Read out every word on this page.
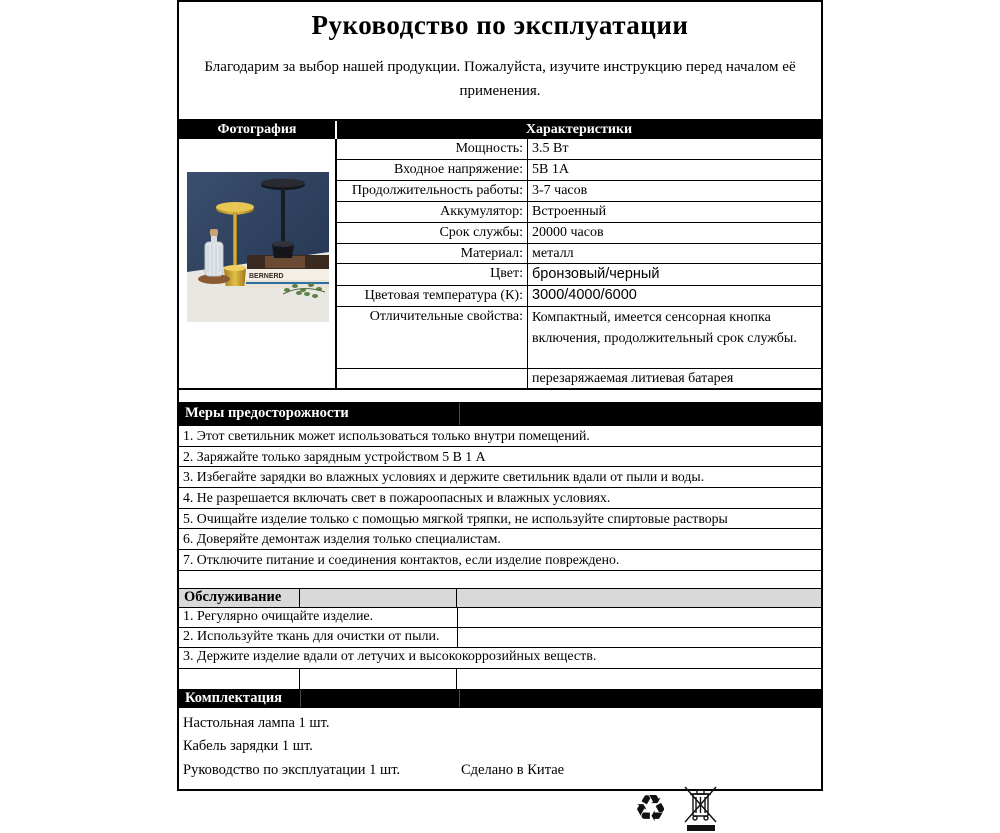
Руководство по эксплуатации
Благодарим за выбор нашей продукции. Пожалуйста, изучите инструкцию перед началом её применения.
Фотография	Характеристики
BERNERD
Мощность: 3.5 Вт
Входное напряжение: 5В 1А
Продолжительность работы: 3-7 часов
Аккумулятор: Встроенный
Срок службы: 20000 часов
Материал: металл
Цвет: бронзовый/черный
Цветовая температура (К): 3000/4000/6000
Отличительные свойства: Компактный, имеется сенсорная кнопка включения, продолжительный срок службы.
перезаряжаемая литиевая батарея
Меры предосторожности
1. Этот светильник может использоваться только внутри помещений.
2. Заряжайте только зарядным устройством 5 В 1 А
3. Избегайте зарядки во влажных условиях и держите светильник вдали от пыли и воды.
4. Не разрешается включать свет в пожароопасных и влажных условиях.
5. Очищайте изделие только с помощью мягкой тряпки, не используйте спиртовые растворы
6. Доверяйте демонтаж изделия только специалистам.
7. Отключите питание и соединения контактов, если изделие повреждено.
Обслуживание
1. Регулярно очищайте изделие.
2. Используйте ткань для очистки от пыли.
3. Держите изделие вдали от летучих и высококоррозийных веществ.
Комплектация
Настольная лампа 1 шт.
Кабель зарядки 1 шт.
Руководство по эксплуатации 1 шт.	Сделано в Китае
♻
